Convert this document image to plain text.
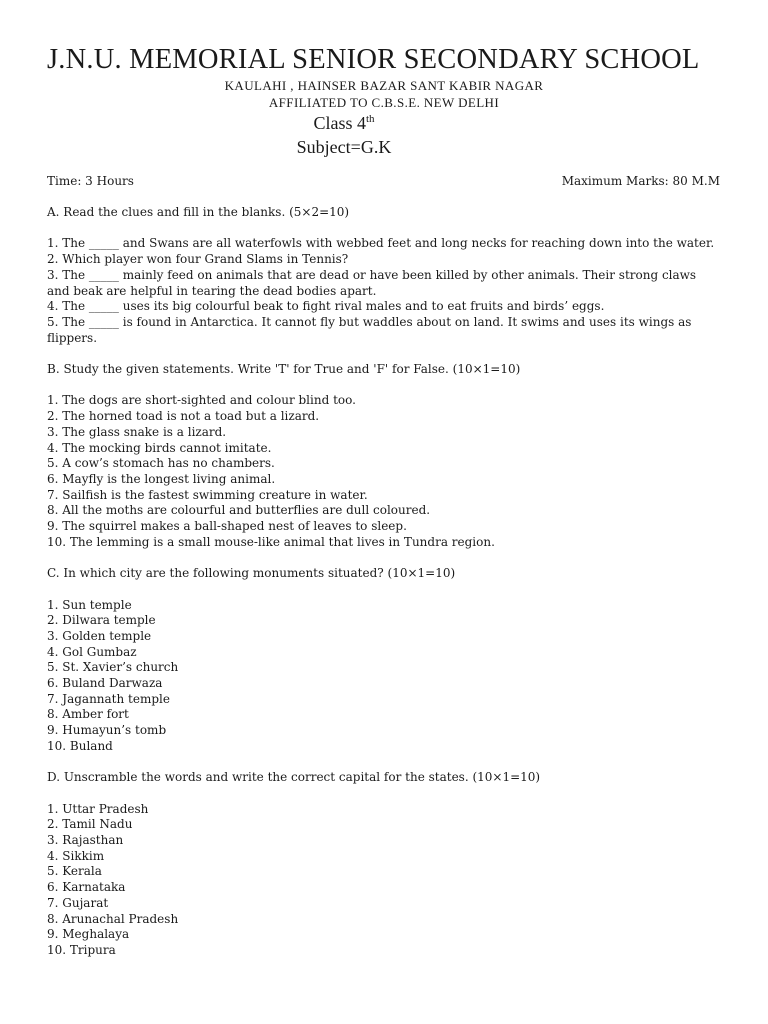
J.N.U. MEMORIAL SENIOR SECONDARY SCHOOL

KAULAHI , HAINSER BAZAR SANT KABIR NAGAR

AFFILIATED TO C.B.S.E. NEW DELHI

Class 4th

Subject=G.K

Time: 3 Hours	Maximum Marks: 80 M.M

A. Read the clues and fill in the blanks. (5×2=10)

1. The _____ and Swans are all waterfowls with webbed feet and long necks for reaching down into the water.

2. Which player won four Grand Slams in Tennis?

3. The _____ mainly feed on animals that are dead or have been killed by other animals. Their strong claws and beak are helpful in tearing the dead bodies apart.

4. The _____ uses its big colourful beak to fight rival males and to eat fruits and birds’ eggs.

5. The _____ is found in Antarctica. It cannot fly but waddles about on land. It swims and uses its wings as flippers.

B. Study the given statements. Write 'T' for True and 'F' for False. (10×1=10)

1. The dogs are short-sighted and colour blind too.

2. The horned toad is not a toad but a lizard.

3. The glass snake is a lizard.

4. The mocking birds cannot imitate.

5. A cow’s stomach has no chambers.

6. Mayfly is the longest living animal.

7. Sailfish is the fastest swimming creature in water.

8. All the moths are colourful and butterflies are dull coloured.

9. The squirrel makes a ball-shaped nest of leaves to sleep.

10. The lemming is a small mouse-like animal that lives in Tundra region.

C. In which city are the following monuments situated? (10×1=10)

1. Sun temple

2. Dilwara temple

3. Golden temple

4. Gol Gumbaz

5. St. Xavier’s church

6. Buland Darwaza

7. Jagannath temple

8. Amber fort

9. Humayun’s tomb

10. Buland

D. Unscramble the words and write the correct capital for the states. (10×1=10)

1. Uttar Pradesh

2. Tamil Nadu

3. Rajasthan

4. Sikkim

5. Kerala

6. Karnataka

7. Gujarat

8. Arunachal Pradesh

9. Meghalaya

10. Tripura
